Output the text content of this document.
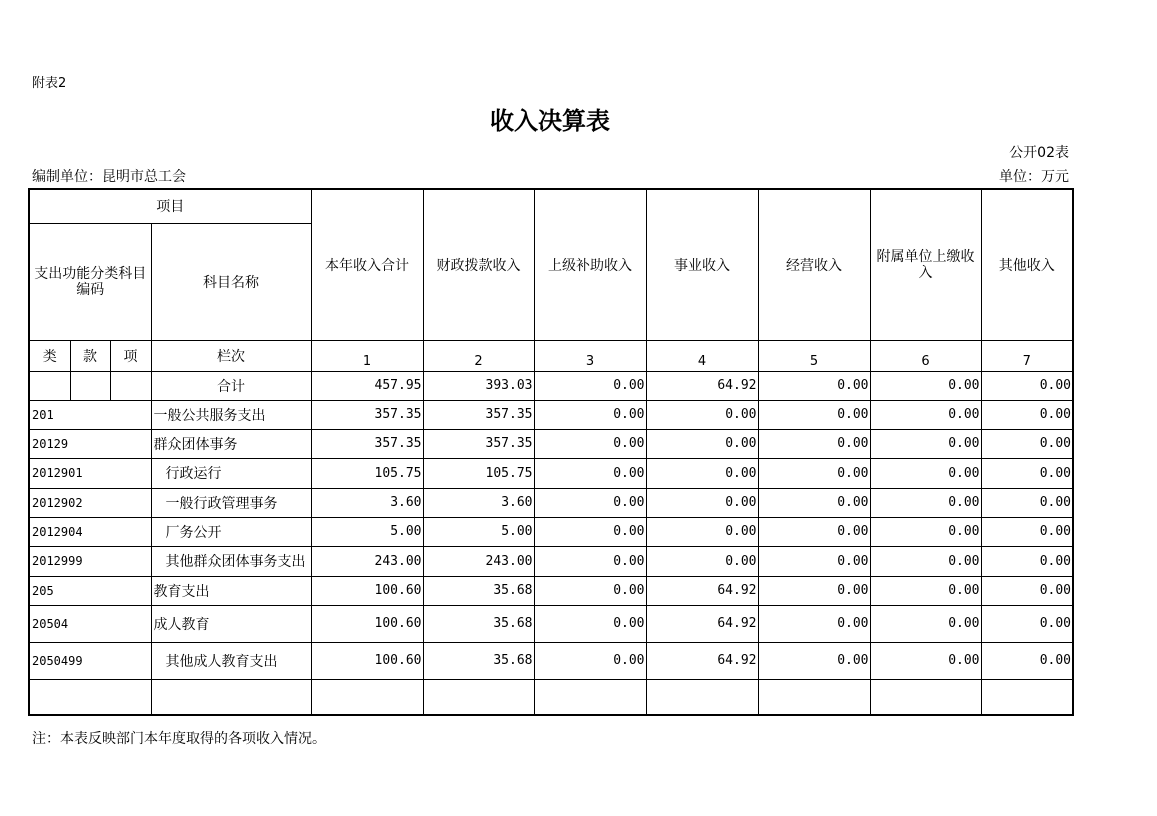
附表2
收入决算表
公开02表
编制单位：昆明市总工会	单位：万元
项目				本年收入合计	财政拨款收入	上级补助收入	事业收入	经营收入	附属单位上缴收入	其他收入
支出功能分类科目编码			科目名称							
类	款	项	栏次	1	2	3	4	5	6	7
			合计	457.95	393.03	0.00	64.92	0.00	0.00	0.00
201			一般公共服务支出	357.35	357.35	0.00	0.00	0.00	0.00	0.00
20129			群众团体事务	357.35	357.35	0.00	0.00	0.00	0.00	0.00
2012901			行政运行	105.75	105.75	0.00	0.00	0.00	0.00	0.00
2012902			一般行政管理事务	3.60	3.60	0.00	0.00	0.00	0.00	0.00
2012904			厂务公开	5.00	5.00	0.00	0.00	0.00	0.00	0.00
2012999			其他群众团体事务支出	243.00	243.00	0.00	0.00	0.00	0.00	0.00
205			教育支出	100.60	35.68	0.00	64.92	0.00	0.00	0.00
20504			成人教育	100.60	35.68	0.00	64.92	0.00	0.00	0.00
2050499			其他成人教育支出	100.60	35.68	0.00	64.92	0.00	0.00	0.00

注：本表反映部门本年度取得的各项收入情况。
